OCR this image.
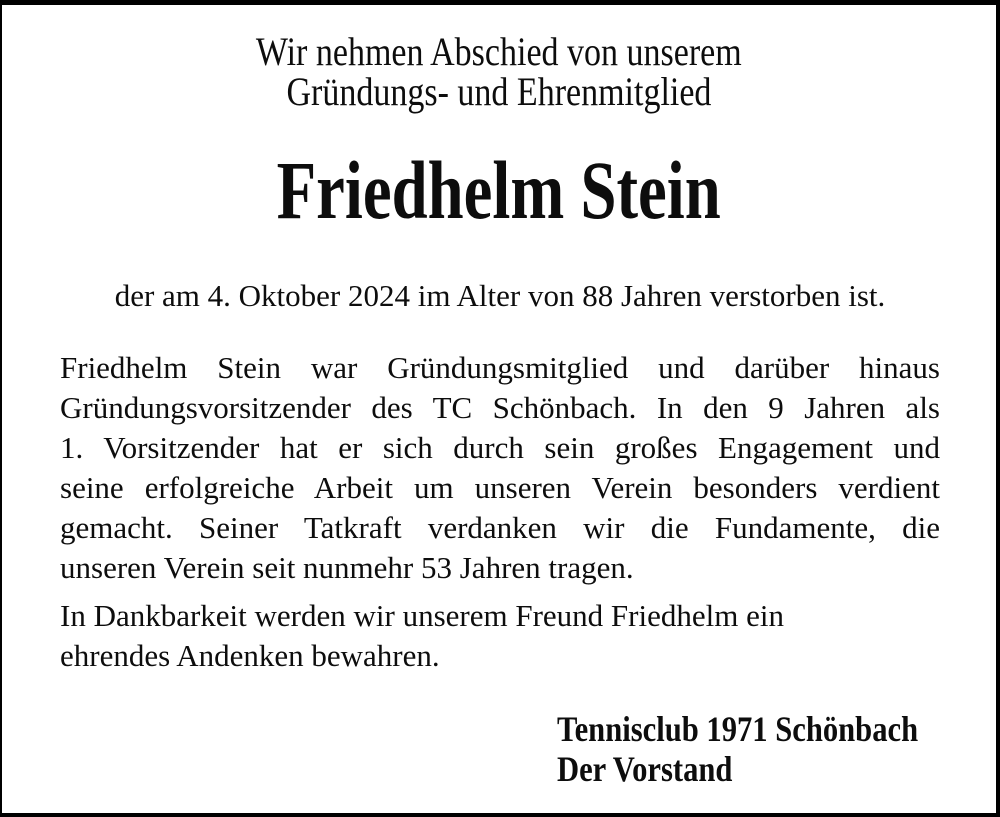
Wir nehmen Abschied von unserem
Gründungs- und Ehrenmitglied
Friedhelm Stein
der am 4. Oktober 2024 im Alter von 88 Jahren verstorben ist.
Friedhelm Stein war Gründungsmitglied und darüber hinaus
Gründungsvorsitzender des TC Schönbach. In den 9 Jahren als
1. Vorsitzender hat er sich durch sein großes Engagement und
seine erfolgreiche Arbeit um unseren Verein besonders verdient
gemacht. Seiner Tatkraft verdanken wir die Fundamente, die
unseren Verein seit nunmehr 53 Jahren tragen.
In Dankbarkeit werden wir unserem Freund Friedhelm ein
ehrendes Andenken bewahren.
Tennisclub 1971 Schönbach
Der Vorstand
